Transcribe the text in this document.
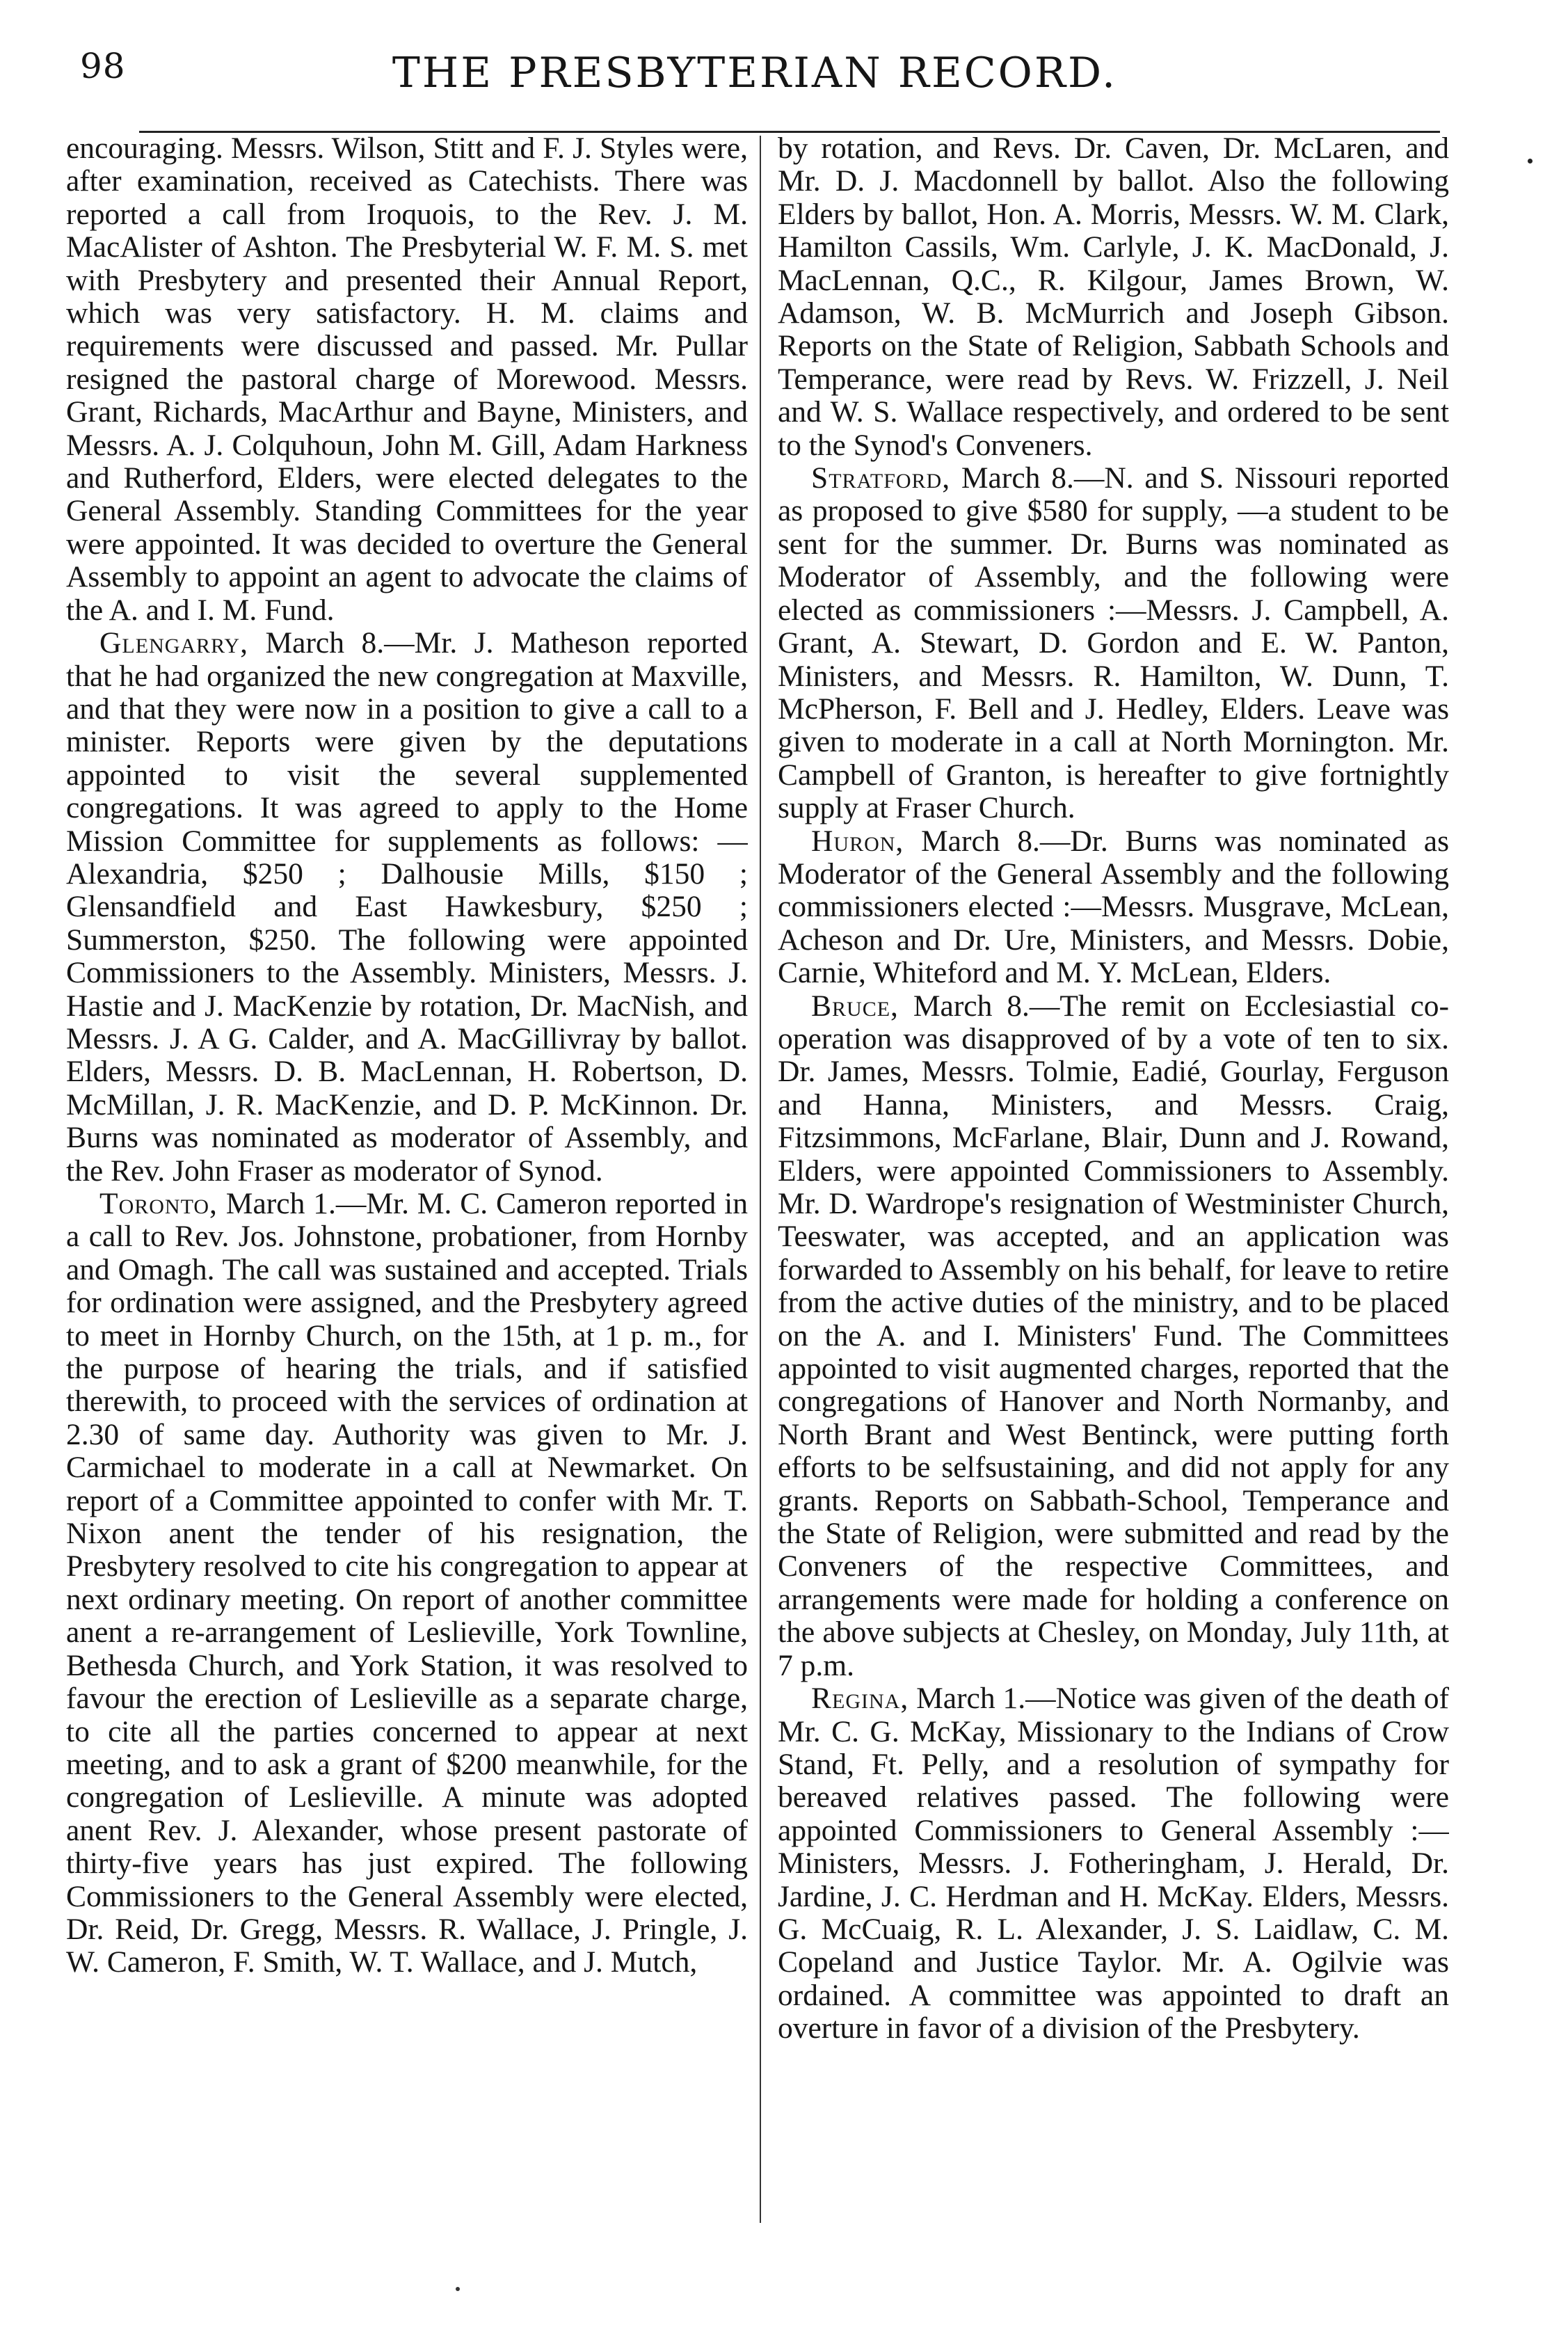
98	THE PRESBYTERIAN RECORD.

encouraging. Messrs. Wilson, Stitt and F. J. Styles were, after examination, received as Catechists. There was reported a call from Iroquois, to the Rev. J. M. MacAlister of Ashton. The Presbyterial W. F. M. S. met with Presbytery and presented their Annual Report, which was very satisfactory. H. M. claims and requirements were discussed and passed. Mr. Pullar resigned the pastoral charge of Morewood. Messrs. Grant, Richards, MacArthur and Bayne, Ministers, and Messrs. A. J. Colquhoun, John M. Gill, Adam Harkness and Rutherford, Elders, were elected delegates to the General Assembly. Standing Committees for the year were appointed. It was decided to overture the General Assembly to appoint an agent to advocate the claims of the A. and I. M. Fund.

Glengarry, March 8.—Mr. J. Matheson reported that he had organized the new congregation at Maxville, and that they were now in a position to give a call to a minister. Reports were given by the deputations appointed to visit the several supplemented congregations. It was agreed to apply to the Home Mission Committee for supplements as follows: —Alexandria, $250 ; Dalhousie Mills, $150 ; Glensandfield and East Hawkesbury, $250 ; Summerston, $250. The following were appointed Commissioners to the Assembly. Ministers, Messrs. J. Hastie and J. MacKenzie by rotation, Dr. MacNish, and Messrs. J. A G. Calder, and A. MacGillivray by ballot. Elders, Messrs. D. B. MacLennan, H. Robertson, D. McMillan, J. R. MacKenzie, and D. P. McKinnon. Dr. Burns was nominated as moderator of Assembly, and the Rev. John Fraser as moderator of Synod.

Toronto, March 1.—Mr. M. C. Cameron reported in a call to Rev. Jos. Johnstone, probationer, from Hornby and Omagh. The call was sustained and accepted. Trials for ordination were assigned, and the Presbytery agreed to meet in Hornby Church, on the 15th, at 1 p. m., for the purpose of hearing the trials, and if satisfied therewith, to proceed with the services of ordination at 2.30 of same day. Authority was given to Mr. J. Carmichael to moderate in a call at Newmarket. On report of a Committee appointed to confer with Mr. T. Nixon anent the tender of his resignation, the Presbytery resolved to cite his congregation to appear at next ordinary meeting. On report of another committee anent a re-arrangement of Leslieville, York Townline, Bethesda Church, and York Station, it was resolved to favour the erection of Leslieville as a separate charge, to cite all the parties concerned to appear at next meeting, and to ask a grant of $200 meanwhile, for the congregation of Leslieville. A minute was adopted anent Rev. J. Alexander, whose present pastorate of thirty-five years has just expired. The following Commissioners to the General Assembly were elected, Dr. Reid, Dr. Gregg, Messrs. R. Wallace, J. Pringle, J. W. Cameron, F. Smith, W. T. Wallace, and J. Mutch,

by rotation, and Revs. Dr. Caven, Dr. McLaren, and Mr. D. J. Macdonnell by ballot. Also the following Elders by ballot, Hon. A. Morris, Messrs. W. M. Clark, Hamilton Cassils, Wm. Carlyle, J. K. MacDonald, J. MacLennan, Q.C., R. Kilgour, James Brown, W. Adamson, W. B. McMurrich and Joseph Gibson. Reports on the State of Religion, Sabbath Schools and Temperance, were read by Revs. W. Frizzell, J. Neil and W. S. Wallace respectively, and ordered to be sent to the Synod's Conveners.

Stratford, March 8.—N. and S. Nissouri reported as proposed to give $580 for supply, —a student to be sent for the summer. Dr. Burns was nominated as Moderator of Assembly, and the following were elected as commissioners :—Messrs. J. Campbell, A. Grant, A. Stewart, D. Gordon and E. W. Panton, Ministers, and Messrs. R. Hamilton, W. Dunn, T. McPherson, F. Bell and J. Hedley, Elders. Leave was given to moderate in a call at North Mornington. Mr. Campbell of Granton, is hereafter to give fortnightly supply at Fraser Church.

Huron, March 8.—Dr. Burns was nominated as Moderator of the General Assembly and the following commissioners elected :—Messrs. Musgrave, McLean, Acheson and Dr. Ure, Ministers, and Messrs. Dobie, Carnie, Whiteford and M. Y. McLean, Elders.

Bruce, March 8.—The remit on Ecclesiastial co-operation was disapproved of by a vote of ten to six. Dr. James, Messrs. Tolmie, Eadié, Gourlay, Ferguson and Hanna, Ministers, and Messrs. Craig, Fitzsimmons, McFarlane, Blair, Dunn and J. Rowand, Elders, were appointed Commissioners to Assembly. Mr. D. Wardrope's resignation of Westminister Church, Teeswater, was accepted, and an application was forwarded to Assembly on his behalf, for leave to retire from the active duties of the ministry, and to be placed on the A. and I. Ministers' Fund. The Committees appointed to visit augmented charges, reported that the congregations of Hanover and North Normanby, and North Brant and West Bentinck, were putting forth efforts to be selfsustaining, and did not apply for any grants. Reports on Sabbath-School, Temperance and the State of Religion, were submitted and read by the Conveners of the respective Committees, and arrangements were made for holding a conference on the above subjects at Chesley, on Monday, July 11th, at 7 p.m.

Regina, March 1.—Notice was given of the death of Mr. C. G. McKay, Missionary to the Indians of Crow Stand, Ft. Pelly, and a resolution of sympathy for bereaved relatives passed. The following were appointed Commissioners to General Assembly :—Ministers, Messrs. J. Fotheringham, J. Herald, Dr. Jardine, J. C. Herdman and H. McKay. Elders, Messrs. G. McCuaig, R. L. Alexander, J. S. Laidlaw, C. M. Copeland and Justice Taylor. Mr. A. Ogilvie was ordained. A committee was appointed to draft an overture in favor of a division of the Presbytery.
